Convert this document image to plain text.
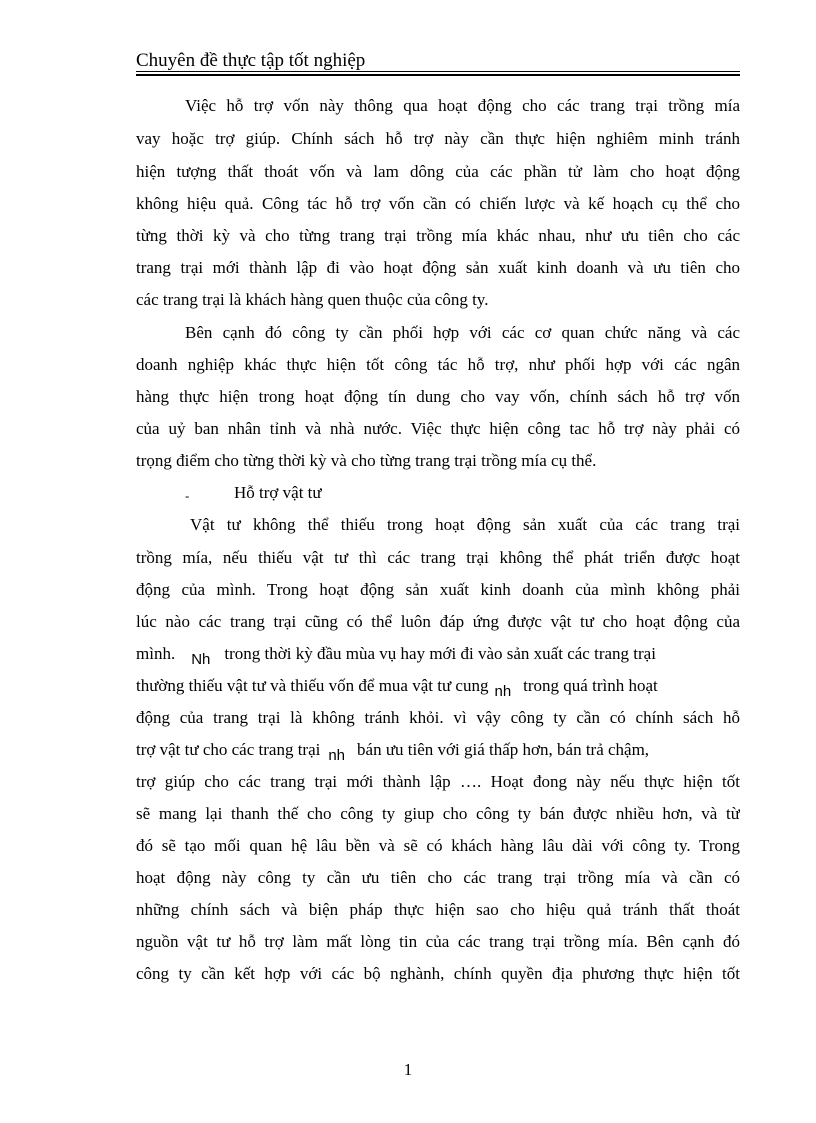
Chuyên đề thực tập tốt nghiệp
Việc hỗ trợ vốn này thông qua hoạt động cho các trang trại trồng mía
vay hoặc trợ giúp. Chính sách hỗ trợ này cần thực hiện nghiêm minh tránh
hiện tượng thất thoát vốn và lam dông của các phần tử làm cho hoạt động
không hiệu quả. Công tác hỗ trợ vốn cần có chiến lược và kế hoạch cụ thể cho
từng thời kỳ và cho từng trang trại trồng mía khác nhau, như ưu tiên cho các
trang trại mới thành lập đi vào hoạt động sản xuất kinh doanh và ưu tiên cho
các trang trại là khách hàng quen thuộc của công ty.
Bên cạnh đó công ty cần phối hợp với các cơ quan chức năng và các
doanh nghiệp khác thực hiện tốt công tác hỗ trợ, như phối hợp với các ngân
hàng thực hiện trong hoạt động tín dung cho vay vốn, chính sách hỗ trợ vốn
của uỷ ban nhân tỉnh và nhà nước. Việc thực hiện công tac hỗ trợ này phải có
trọng điểm cho từng thời kỳ và cho từng trang trại trồng mía cụ thể.
-	Hỗ trợ vật tư
Vật tư không thể thiếu trong hoạt động sản xuất của các trang trại
trồng mía, nếu thiếu vật tư thì các trang trại không thể phát triển được hoạt
động của mình. Trong hoạt động sản xuất kinh doanh của mình không phải
lúc nào các trang trại cũng có thể luôn đáp ứng được vật tư cho hoạt động của
mình. Nh trong thời kỳ đầu mùa vụ hay mới đi vào sản xuất các trang trại
thường thiếu vật tư và thiếu vốn để mua vật tư cung nh trong quá trình hoạt
động của trang trại là không tránh khỏi. vì vậy công ty cần có chính sách hỗ
trợ vật tư cho các trang trại nh bán ưu tiên với giá thấp hơn, bán trả chậm,
trợ giúp cho các trang trại mới thành lập …. Hoạt đong này nếu thực hiện tốt
sẽ mang lại thanh thế cho công ty giup cho công ty bán được nhiều hơn, và từ
đó sẽ tạo mối quan hệ lâu bền và sẽ có khách hàng lâu dài với công ty. Trong
hoạt động này công ty cần ưu tiên cho các trang trại trồng mía và cần có
những chính sách và biện pháp thực hiện sao cho hiệu quả tránh thất thoát
nguồn vật tư hỗ trợ làm mất lòng tin của các trang trại trồng mía. Bên cạnh đó
công ty cần kết hợp với các bộ nghành, chính quyền địa phương thực hiện tốt
1
